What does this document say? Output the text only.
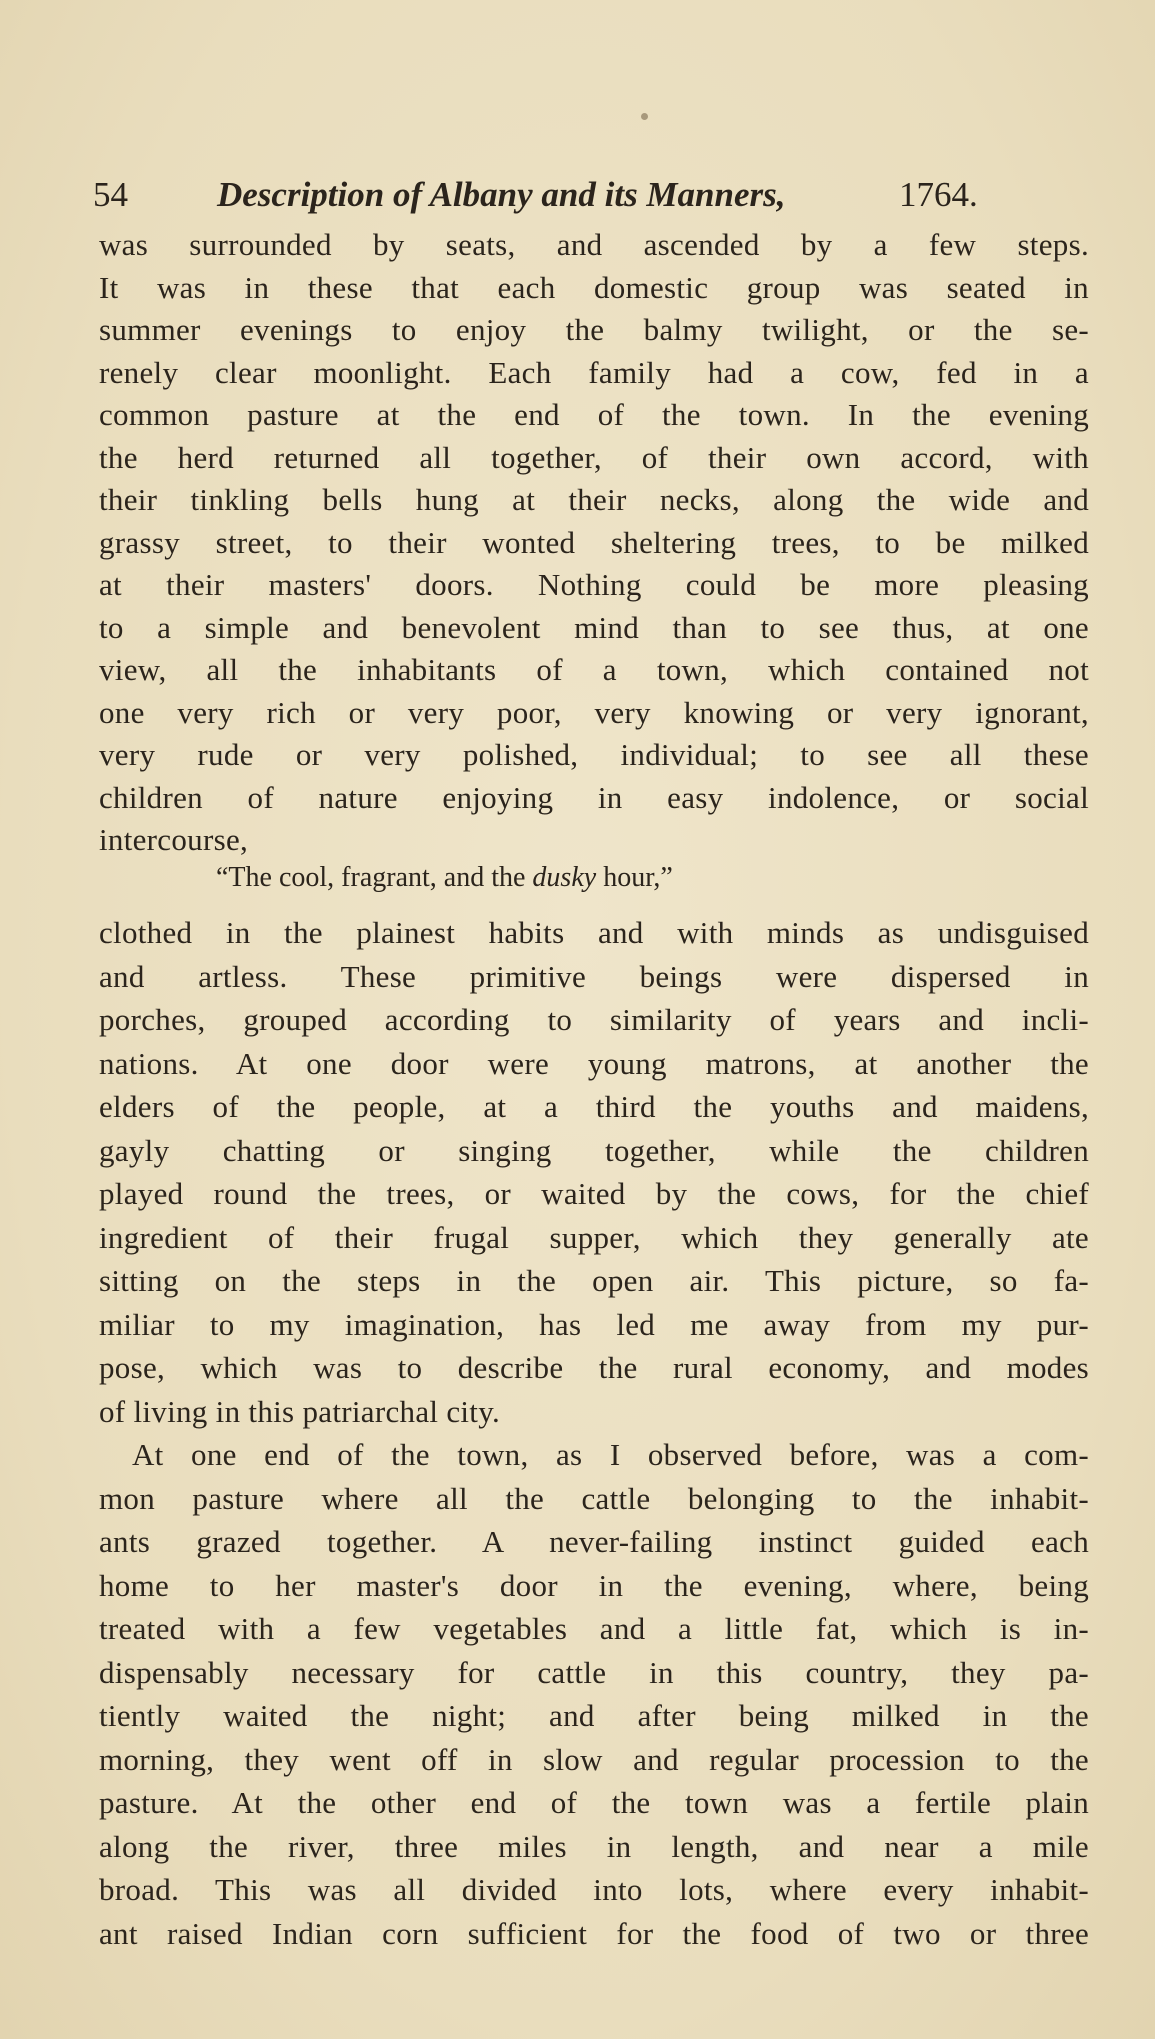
54	Description of Albany and its Manners,	1764.
was surrounded by seats, and ascended by a few steps.
It was in these that each domestic group was seated in
summer evenings to enjoy the balmy twilight, or the se-
renely clear moonlight. Each family had a cow, fed in a
common pasture at the end of the town. In the evening
the herd returned all together, of their own accord, with
their tinkling bells hung at their necks, along the wide and
grassy street, to their wonted sheltering trees, to be milked
at their masters' doors. Nothing could be more pleasing
to a simple and benevolent mind than to see thus, at one
view, all the inhabitants of a town, which contained not
one very rich or very poor, very knowing or very ignorant,
very rude or very polished, individual; to see all these
children of nature enjoying in easy indolence, or social
intercourse,
“The cool, fragrant, and the dusky hour,”
clothed in the plainest habits and with minds as undisguised
and artless. These primitive beings were dispersed in
porches, grouped according to similarity of years and incli-
nations. At one door were young matrons, at another the
elders of the people, at a third the youths and maidens,
gayly chatting or singing together, while the children
played round the trees, or waited by the cows, for the chief
ingredient of their frugal supper, which they generally ate
sitting on the steps in the open air. This picture, so fa-
miliar to my imagination, has led me away from my pur-
pose, which was to describe the rural economy, and modes
of living in this patriarchal city.
At one end of the town, as I observed before, was a com-
mon pasture where all the cattle belonging to the inhabit-
ants grazed together. A never-failing instinct guided each
home to her master's door in the evening, where, being
treated with a few vegetables and a little fat, which is in-
dispensably necessary for cattle in this country, they pa-
tiently waited the night; and after being milked in the
morning, they went off in slow and regular procession to the
pasture. At the other end of the town was a fertile plain
along the river, three miles in length, and near a mile
broad. This was all divided into lots, where every inhabit-
ant raised Indian corn sufficient for the food of two or three
